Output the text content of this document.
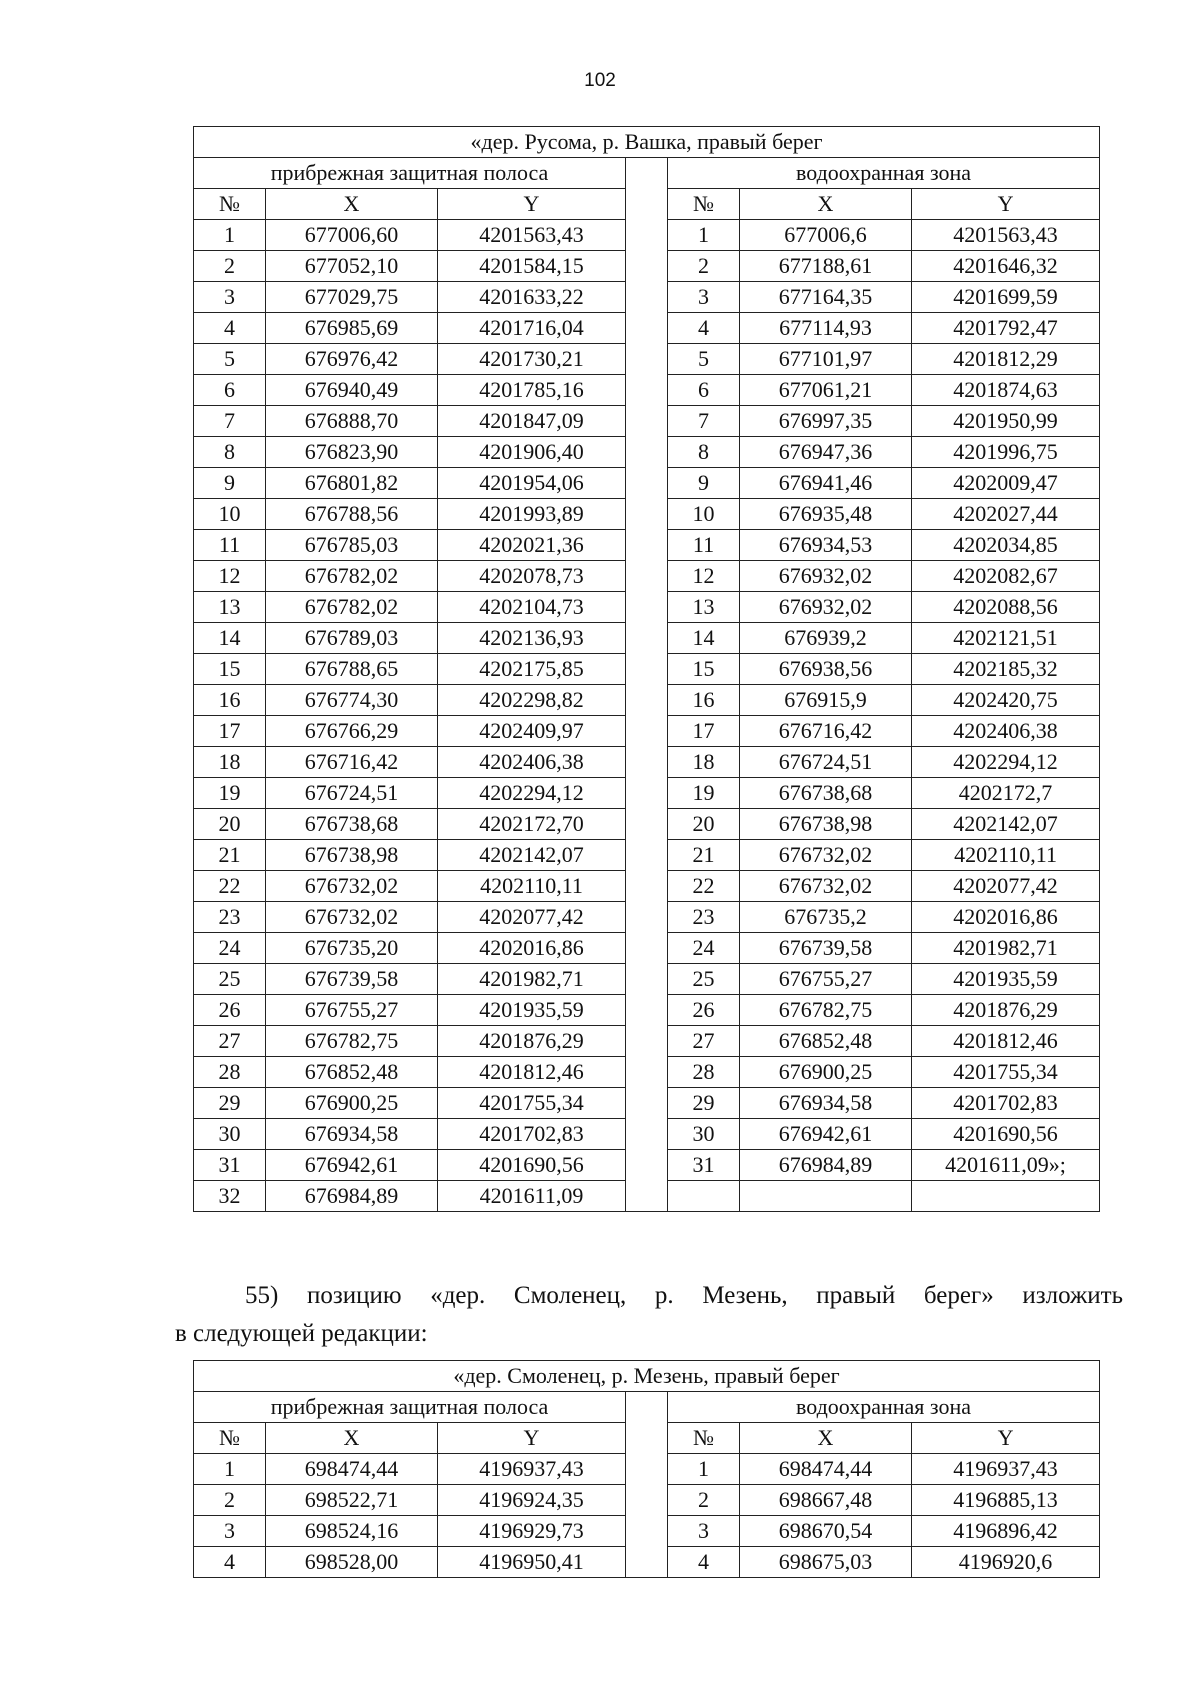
102
«дер. Русома, р. Вашка, правый берег						
прибрежная защитная полоса				водоохранная зона		
№	X	Y		№	X	Y
1	677006,60	4201563,43		1	677006,6	4201563,43
2	677052,10	4201584,15		2	677188,61	4201646,32
3	677029,75	4201633,22		3	677164,35	4201699,59
4	676985,69	4201716,04		4	677114,93	4201792,47
5	676976,42	4201730,21		5	677101,97	4201812,29
6	676940,49	4201785,16		6	677061,21	4201874,63
7	676888,70	4201847,09		7	676997,35	4201950,99
8	676823,90	4201906,40		8	676947,36	4201996,75
9	676801,82	4201954,06		9	676941,46	4202009,47
10	676788,56	4201993,89		10	676935,48	4202027,44
11	676785,03	4202021,36		11	676934,53	4202034,85
12	676782,02	4202078,73		12	676932,02	4202082,67
13	676782,02	4202104,73		13	676932,02	4202088,56
14	676789,03	4202136,93		14	676939,2	4202121,51
15	676788,65	4202175,85		15	676938,56	4202185,32
16	676774,30	4202298,82		16	676915,9	4202420,75
17	676766,29	4202409,97		17	676716,42	4202406,38
18	676716,42	4202406,38		18	676724,51	4202294,12
19	676724,51	4202294,12		19	676738,68	4202172,7
20	676738,68	4202172,70		20	676738,98	4202142,07
21	676738,98	4202142,07		21	676732,02	4202110,11
22	676732,02	4202110,11		22	676732,02	4202077,42
23	676732,02	4202077,42		23	676735,2	4202016,86
24	676735,20	4202016,86		24	676739,58	4201982,71
25	676739,58	4201982,71		25	676755,27	4201935,59
26	676755,27	4201935,59		26	676782,75	4201876,29
27	676782,75	4201876,29		27	676852,48	4201812,46
28	676852,48	4201812,46		28	676900,25	4201755,34
29	676900,25	4201755,34		29	676934,58	4201702,83
30	676934,58	4201702,83		30	676942,61	4201690,56
31	676942,61	4201690,56		31	676984,89	4201611,09»;
32	676984,89	4201611,09				
55) позицию «дер. Смоленец, р. Мезень, правый берег» изложить
в следующей редакции:
«дер. Смоленец, р. Мезень, правый берег						
прибрежная защитная полоса				водоохранная зона		
№	X	Y		№	X	Y
1	698474,44	4196937,43		1	698474,44	4196937,43
2	698522,71	4196924,35		2	698667,48	4196885,13
3	698524,16	4196929,73		3	698670,54	4196896,42
4	698528,00	4196950,41		4	698675,03	4196920,6
